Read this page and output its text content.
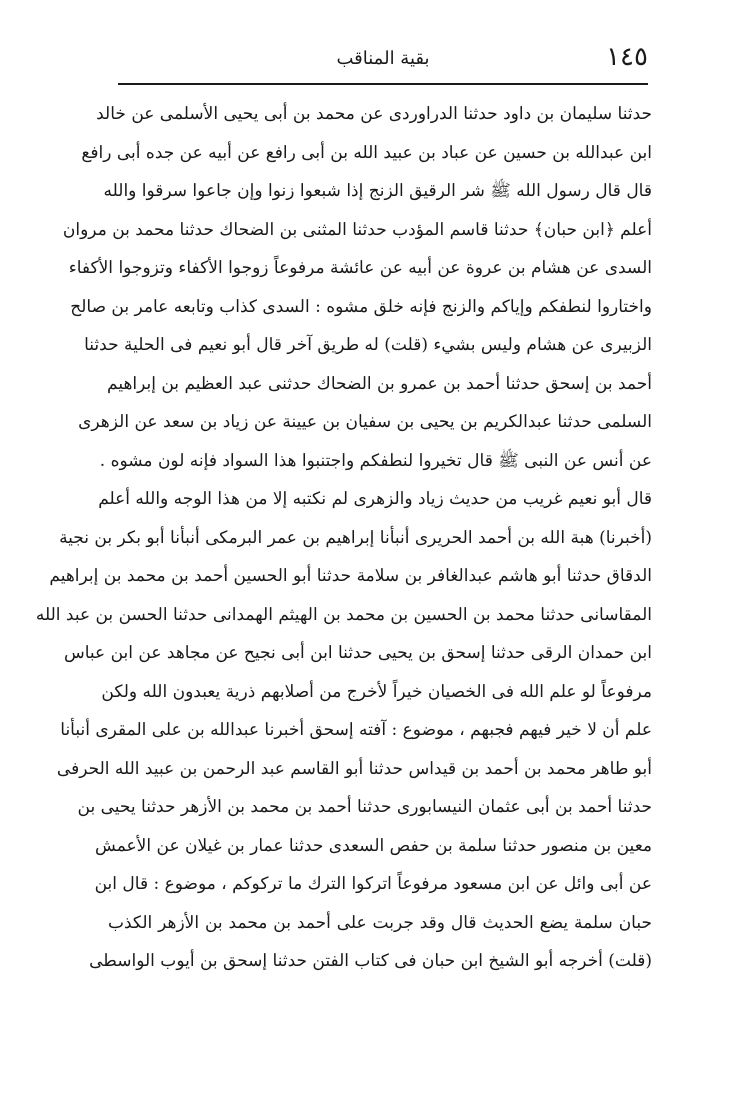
١٤٥
بقية المناقب
حدثنا سليمان بن داود حدثنا الدراوردى عن محمد بن أبى يحيى الأسلمى عن خالد
ابن عبدالله بن حسين عن عباد بن عبيد الله بن أبى رافع عن أبيه عن جده أبى رافع
قال قال رسول الله ﷺ شر الرقيق الزنج إذا شبعوا زنوا وإن جاعوا سرقوا والله
أعلم ﴿ابن حبان﴾ حدثنا قاسم المؤدب حدثنا المثنى بن الضحاك حدثنا محمد بن مروان
السدى عن هشام بن عروة عن أبيه عن عائشة مرفوعاً زوجوا الأكفاء وتزوجوا الأكفاء
واختاروا لنطفكم وإياكم والزنج فإنه خلق مشوه : السدى كذاب وتابعه عامر بن صالح
الزبيرى عن هشام وليس بشيء (قلت) له طريق آخر قال أبو نعيم فى الحلية حدثنا
أحمد بن إسحق حدثنا أحمد بن عمرو بن الضحاك حدثنى عبد العظيم بن إبراهيم
السلمى حدثنا عبدالكريم بن يحيى بن سفيان بن عيينة عن زياد بن سعد عن الزهرى
عن أنس عن النبى ﷺ قال تخيروا لنطفكم واجتنبوا هذا السواد فإنه لون مشوه .
قال أبو نعيم غريب من حديث زياد والزهرى لم نكتبه إلا من هذا الوجه والله أعلم
(أخبرنا) هبة الله بن أحمد الحريرى أنبأنا إبراهيم بن عمر البرمكى أنبأنا أبو بكر بن نجية
الدقاق حدثنا أبو هاشم عبدالغافر بن سلامة حدثنا أبو الحسين أحمد بن محمد بن إبراهيم
المقاسانى حدثنا محمد بن الحسين بن محمد بن الهيثم الهمدانى حدثنا الحسن بن عبد الله
ابن حمدان الرقى حدثنا إسحق بن يحيى حدثنا ابن أبى نجيح عن مجاهد عن ابن عباس
مرفوعاً لو علم الله فى الخصيان خيراً لأخرج من أصلابهم ذرية يعبدون الله ولكن
علم أن لا خير فيهم فجبهم ، موضوع : آفته إسحق أخبرنا عبدالله بن على المقرى أنبأنا
أبو طاهر محمد بن أحمد بن قيداس حدثنا أبو القاسم عبد الرحمن بن عبيد الله الحرفى
حدثنا أحمد بن أبى عثمان النيسابورى حدثنا أحمد بن محمد بن الأزهر حدثنا يحيى بن
معين بن منصور حدثنا سلمة بن حفص السعدى حدثنا عمار بن غيلان عن الأعمش
عن أبى وائل عن ابن مسعود مرفوعاً اتركوا الترك ما تركوكم ، موضوع : قال ابن
حبان سلمة يضع الحديث قال وقد جربت على أحمد بن محمد بن الأزهر الكذب
(قلت) أخرجه أبو الشيخ ابن حبان فى كتاب الفتن حدثنا إسحق بن أيوب الواسطى
